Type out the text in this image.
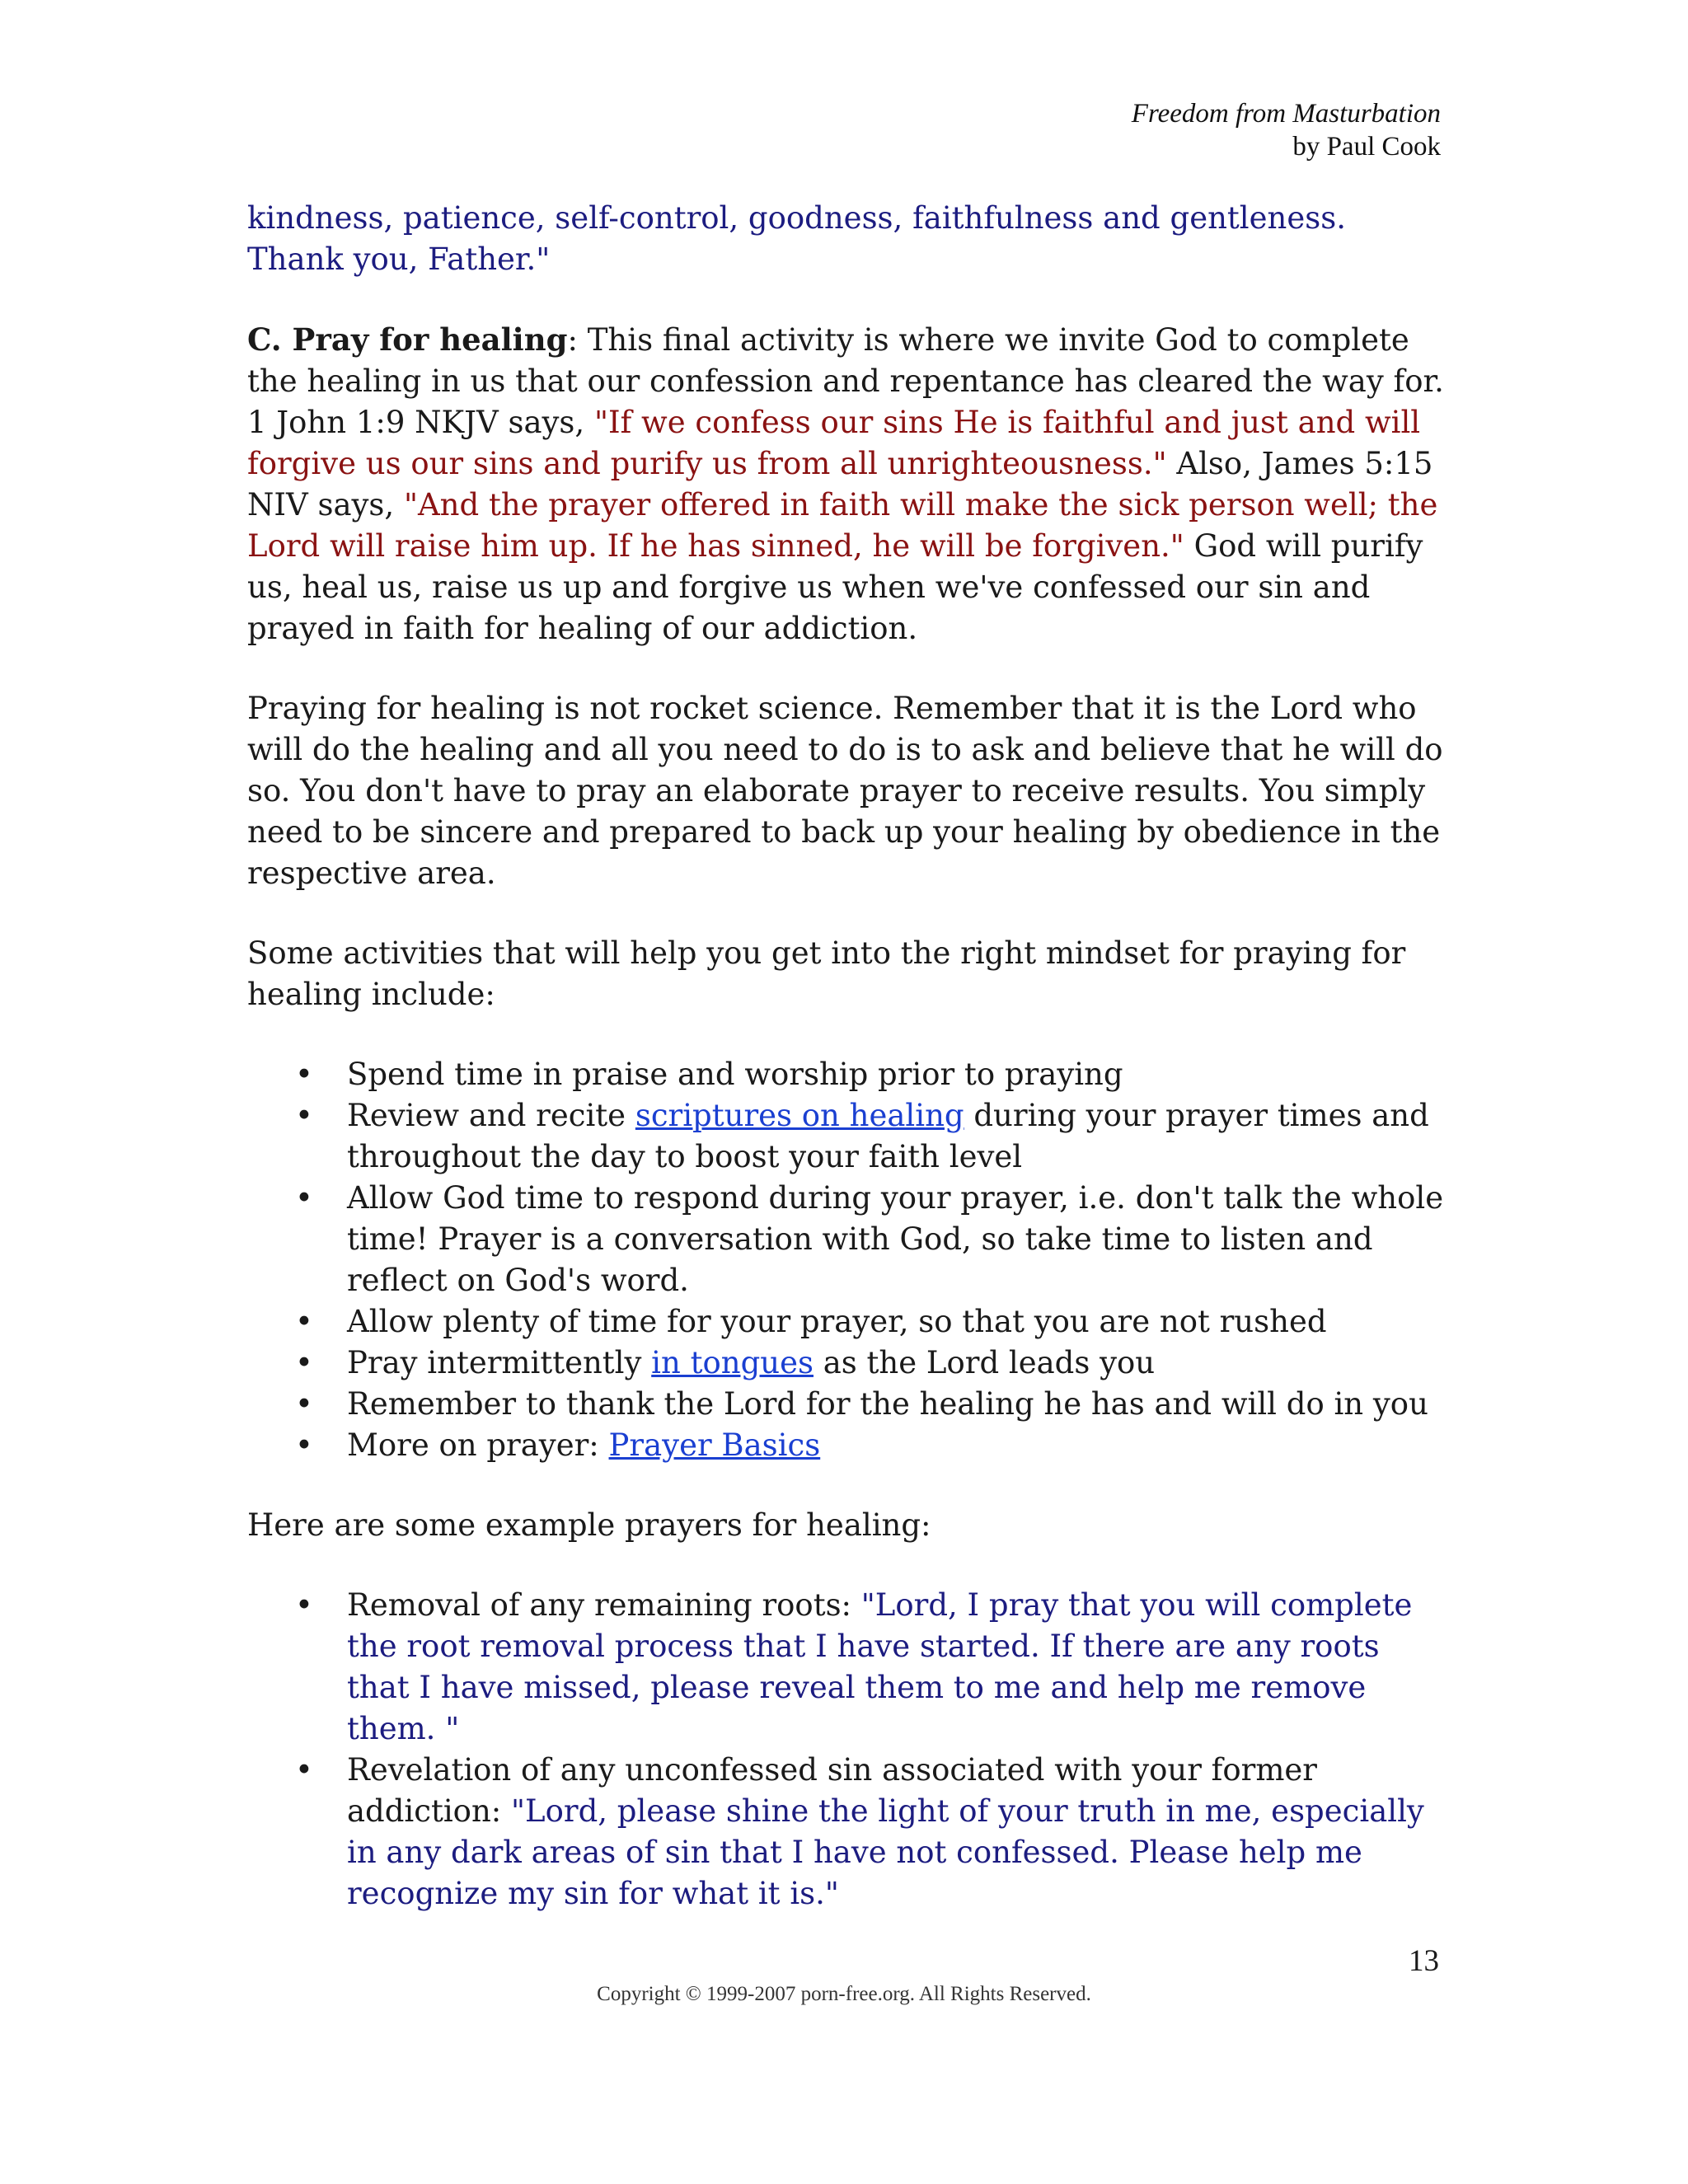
Freedom from Masturbation
by Paul Cook

kindness, patience, self-control, goodness, faithfulness and gentleness. Thank you, Father."

C. Pray for healing: This final activity is where we invite God to complete the healing in us that our confession and repentance has cleared the way for. 1 John 1:9 NKJV says, "If we confess our sins He is faithful and just and will forgive us our sins and purify us from all unrighteousness." Also, James 5:15 NIV says, "And the prayer offered in faith will make the sick person well; the Lord will raise him up. If he has sinned, he will be forgiven." God will purify us, heal us, raise us up and forgive us when we've confessed our sin and prayed in faith for healing of our addiction.

Praying for healing is not rocket science. Remember that it is the Lord who will do the healing and all you need to do is to ask and believe that he will do so. You don't have to pray an elaborate prayer to receive results. You simply need to be sincere and prepared to back up your healing by obedience in the respective area.

Some activities that will help you get into the right mindset for praying for healing include:

• Spend time in praise and worship prior to praying
• Review and recite scriptures on healing during your prayer times and throughout the day to boost your faith level
• Allow God time to respond during your prayer, i.e. don't talk the whole time! Prayer is a conversation with God, so take time to listen and reflect on God's word.
• Allow plenty of time for your prayer, so that you are not rushed
• Pray intermittently in tongues as the Lord leads you
• Remember to thank the Lord for the healing he has and will do in you
• More on prayer: Prayer Basics

Here are some example prayers for healing:

• Removal of any remaining roots: "Lord, I pray that you will complete the root removal process that I have started. If there are any roots that I have missed, please reveal them to me and help me remove them. "
• Revelation of any unconfessed sin associated with your former addiction: "Lord, please shine the light of your truth in me, especially in any dark areas of sin that I have not confessed. Please help me recognize my sin for what it is."
13
Copyright © 1999-2007 porn-free.org. All Rights Reserved.
